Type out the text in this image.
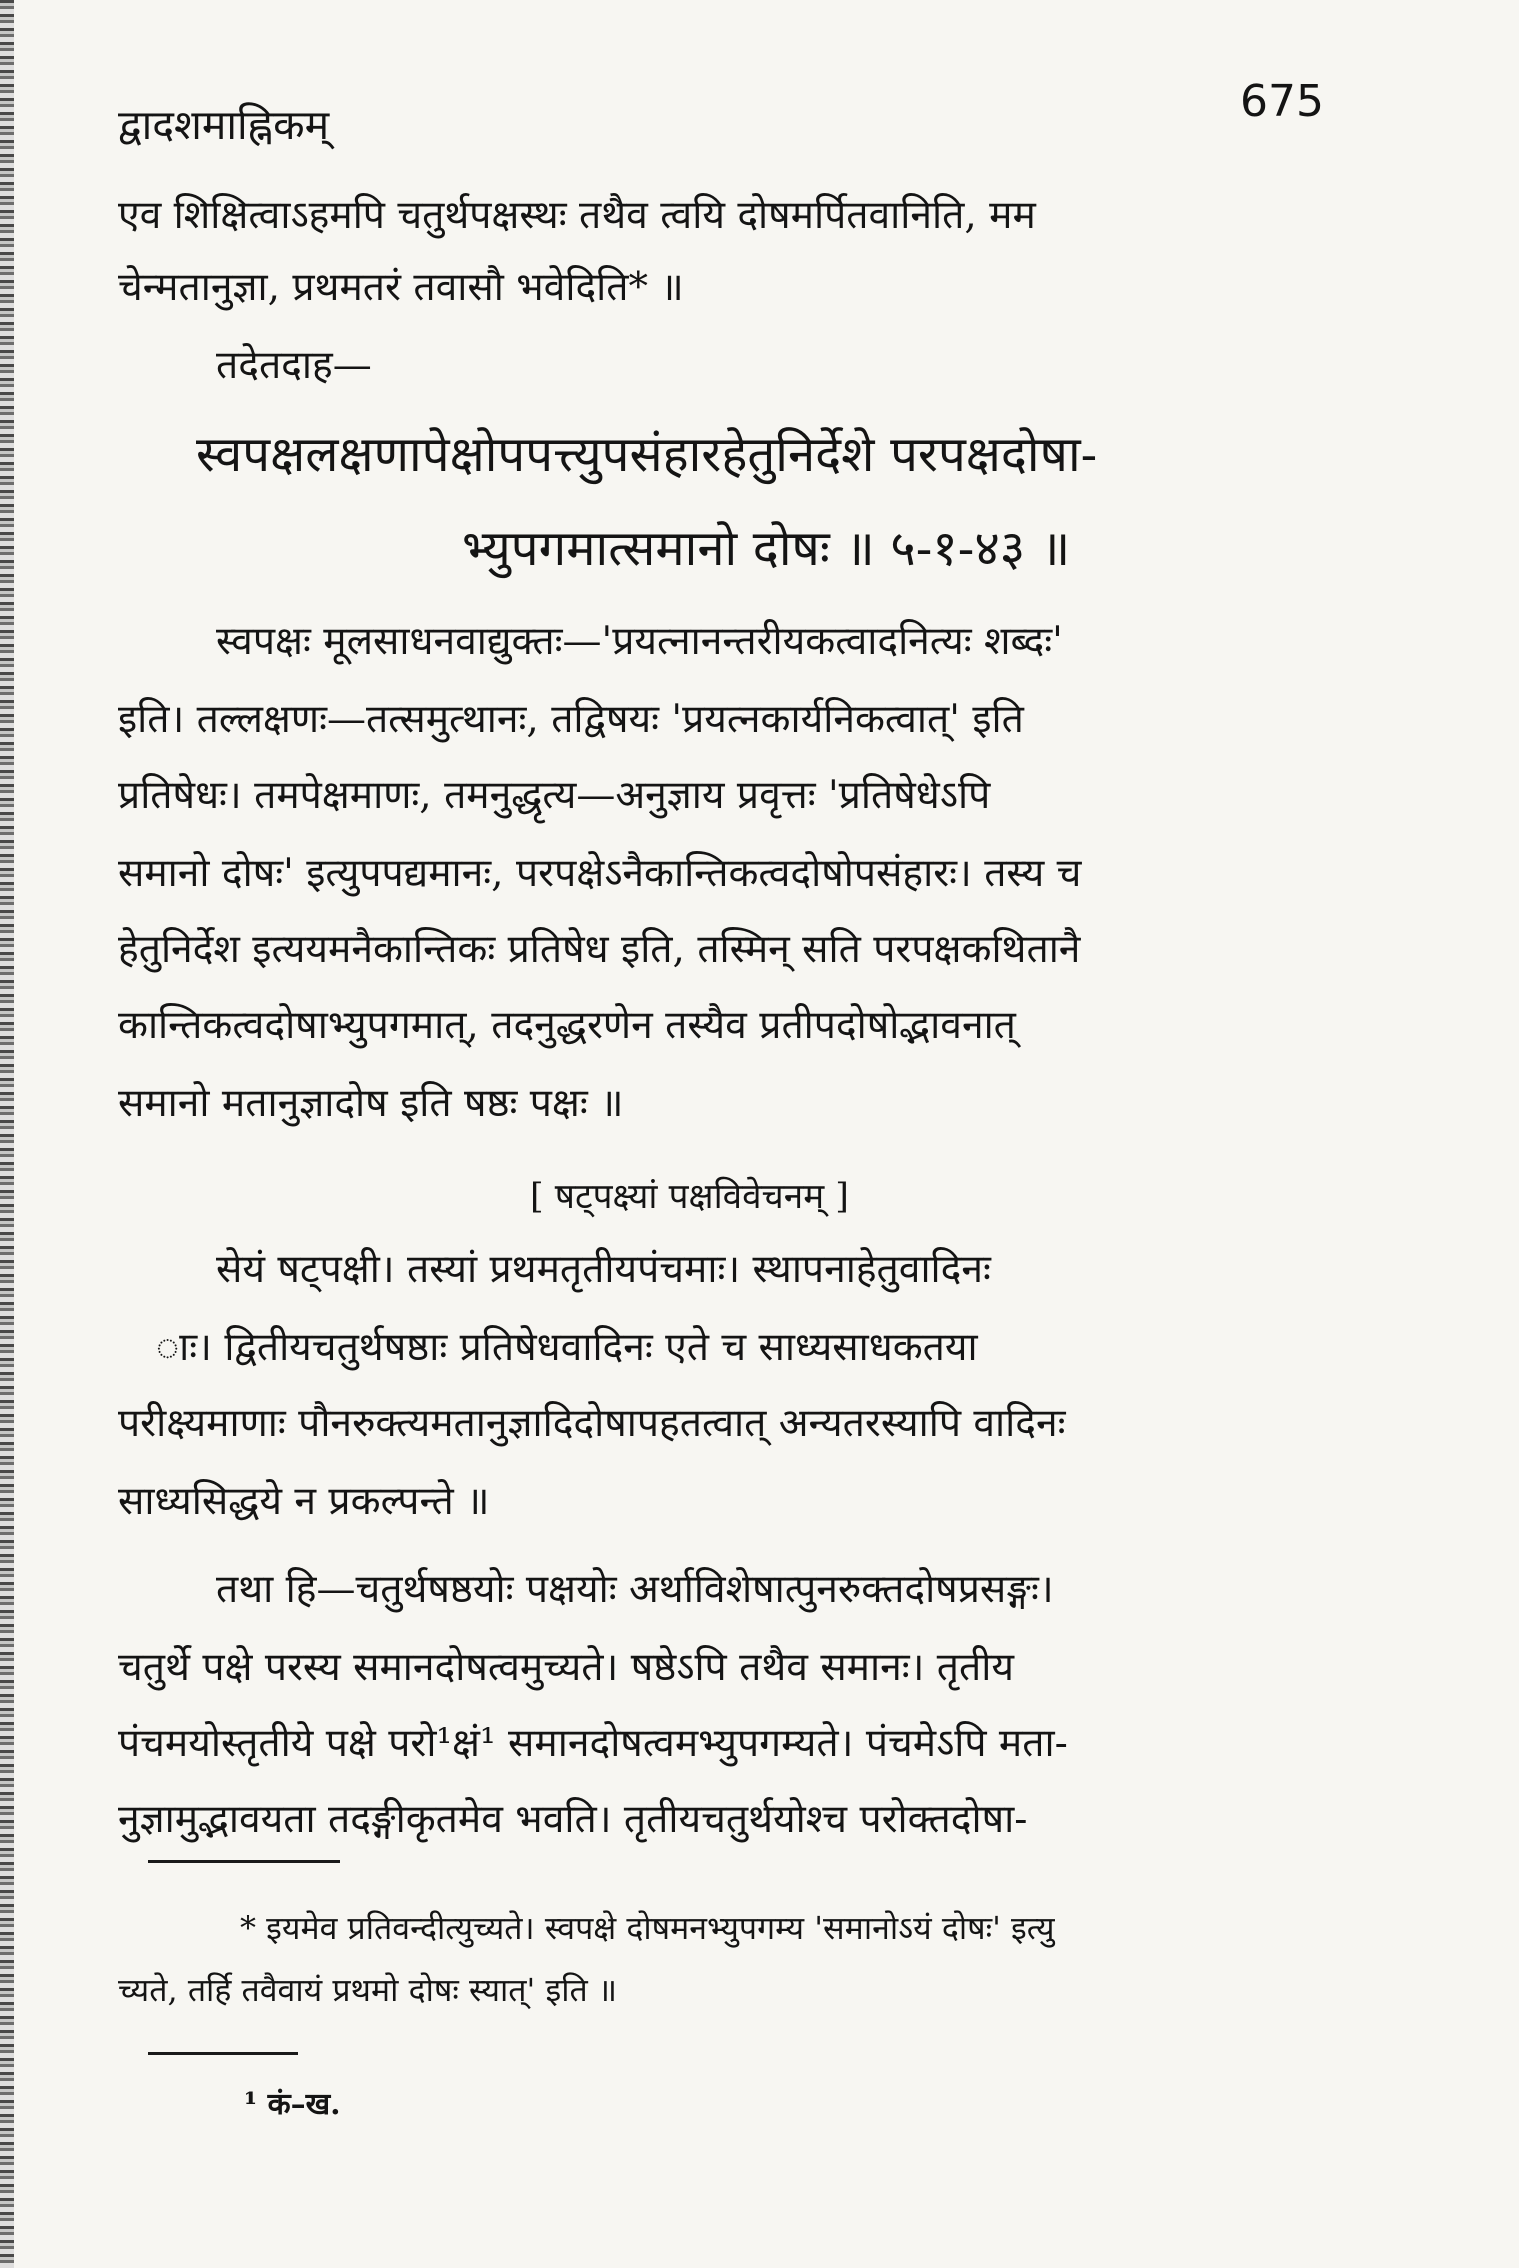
द्वादशमाह्निकम्	675
एव शिक्षित्वाऽहमपि चतुर्थपक्षस्थः तथैव त्वयि दोषमर्पितवानिति, मम
चेन्मतानुज्ञा, प्रथमतरं तवासौ भवेदिति* ॥
तदेतदाह—
स्वपक्षलक्षणापेक्षोपपत्त्युपसंहारहेतुनिर्देशे परपक्षदोषा-
भ्युपगमात्समानो दोषः ॥ ५-१-४३ ॥
स्वपक्षः मूलसाधनवाद्युक्तः—'प्रयत्नानन्तरीयकत्वादनित्यः शब्दः'
इति। तल्लक्षणः—तत्समुत्थानः, तद्विषयः 'प्रयत्नकार्यनिकत्वात्' इति
प्रतिषेधः। तमपेक्षमाणः, तमनुद्धृत्य—अनुज्ञाय प्रवृत्तः 'प्रतिषेधेऽपि
समानो दोषः' इत्युपपद्यमानः, परपक्षेऽनैकान्तिकत्वदोषोपसंहारः। तस्य च
हेतुनिर्देश इत्ययमनैकान्तिकः प्रतिषेध इति, तस्मिन् सति परपक्षकथितानै
कान्तिकत्वदोषाभ्युपगमात्, तदनुद्धरणेन तस्यैव प्रतीपदोषोद्भावनात्
समानो मतानुज्ञादोष इति षष्ठः पक्षः ॥
[ षट्पक्ष्यां पक्षविवेचनम् ]
सेयं षट्पक्षी। तस्यां प्रथमतृतीयपंचमाः। स्थापनाहेतुवादिनः
ाः। द्वितीयचतुर्थषष्ठाः प्रतिषेधवादिनः एते च साध्यसाधकतया
परीक्ष्यमाणाः पौनरुक्त्यमतानुज्ञादिदोषापहतत्वात् अन्यतरस्यापि वादिनः
साध्यसिद्धये न प्रकल्पन्ते ॥
तथा हि—चतुर्थषष्ठयोः पक्षयोः अर्थाविशेषात्पुनरुक्तदोषप्रसङ्गः।
चतुर्थे पक्षे परस्य समानदोषत्वमुच्यते। षष्ठेऽपि तथैव समानः। तृतीय
पंचमयोस्तृतीये पक्षे परो¹क्षं¹ समानदोषत्वमभ्युपगम्यते। पंचमेऽपि मता-
नुज्ञामुद्भावयता तदङ्गीकृतमेव भवति। तृतीयचतुर्थयोश्च परोक्तदोषा-
* इयमेव प्रतिवन्दीत्युच्यते। स्वपक्षे दोषमनभ्युपगम्य 'समानोऽयं दोषः' इत्यु
च्यते, तर्हि तवैवायं प्रथमो दोषः स्यात्' इति ॥
¹ कं–ख.
